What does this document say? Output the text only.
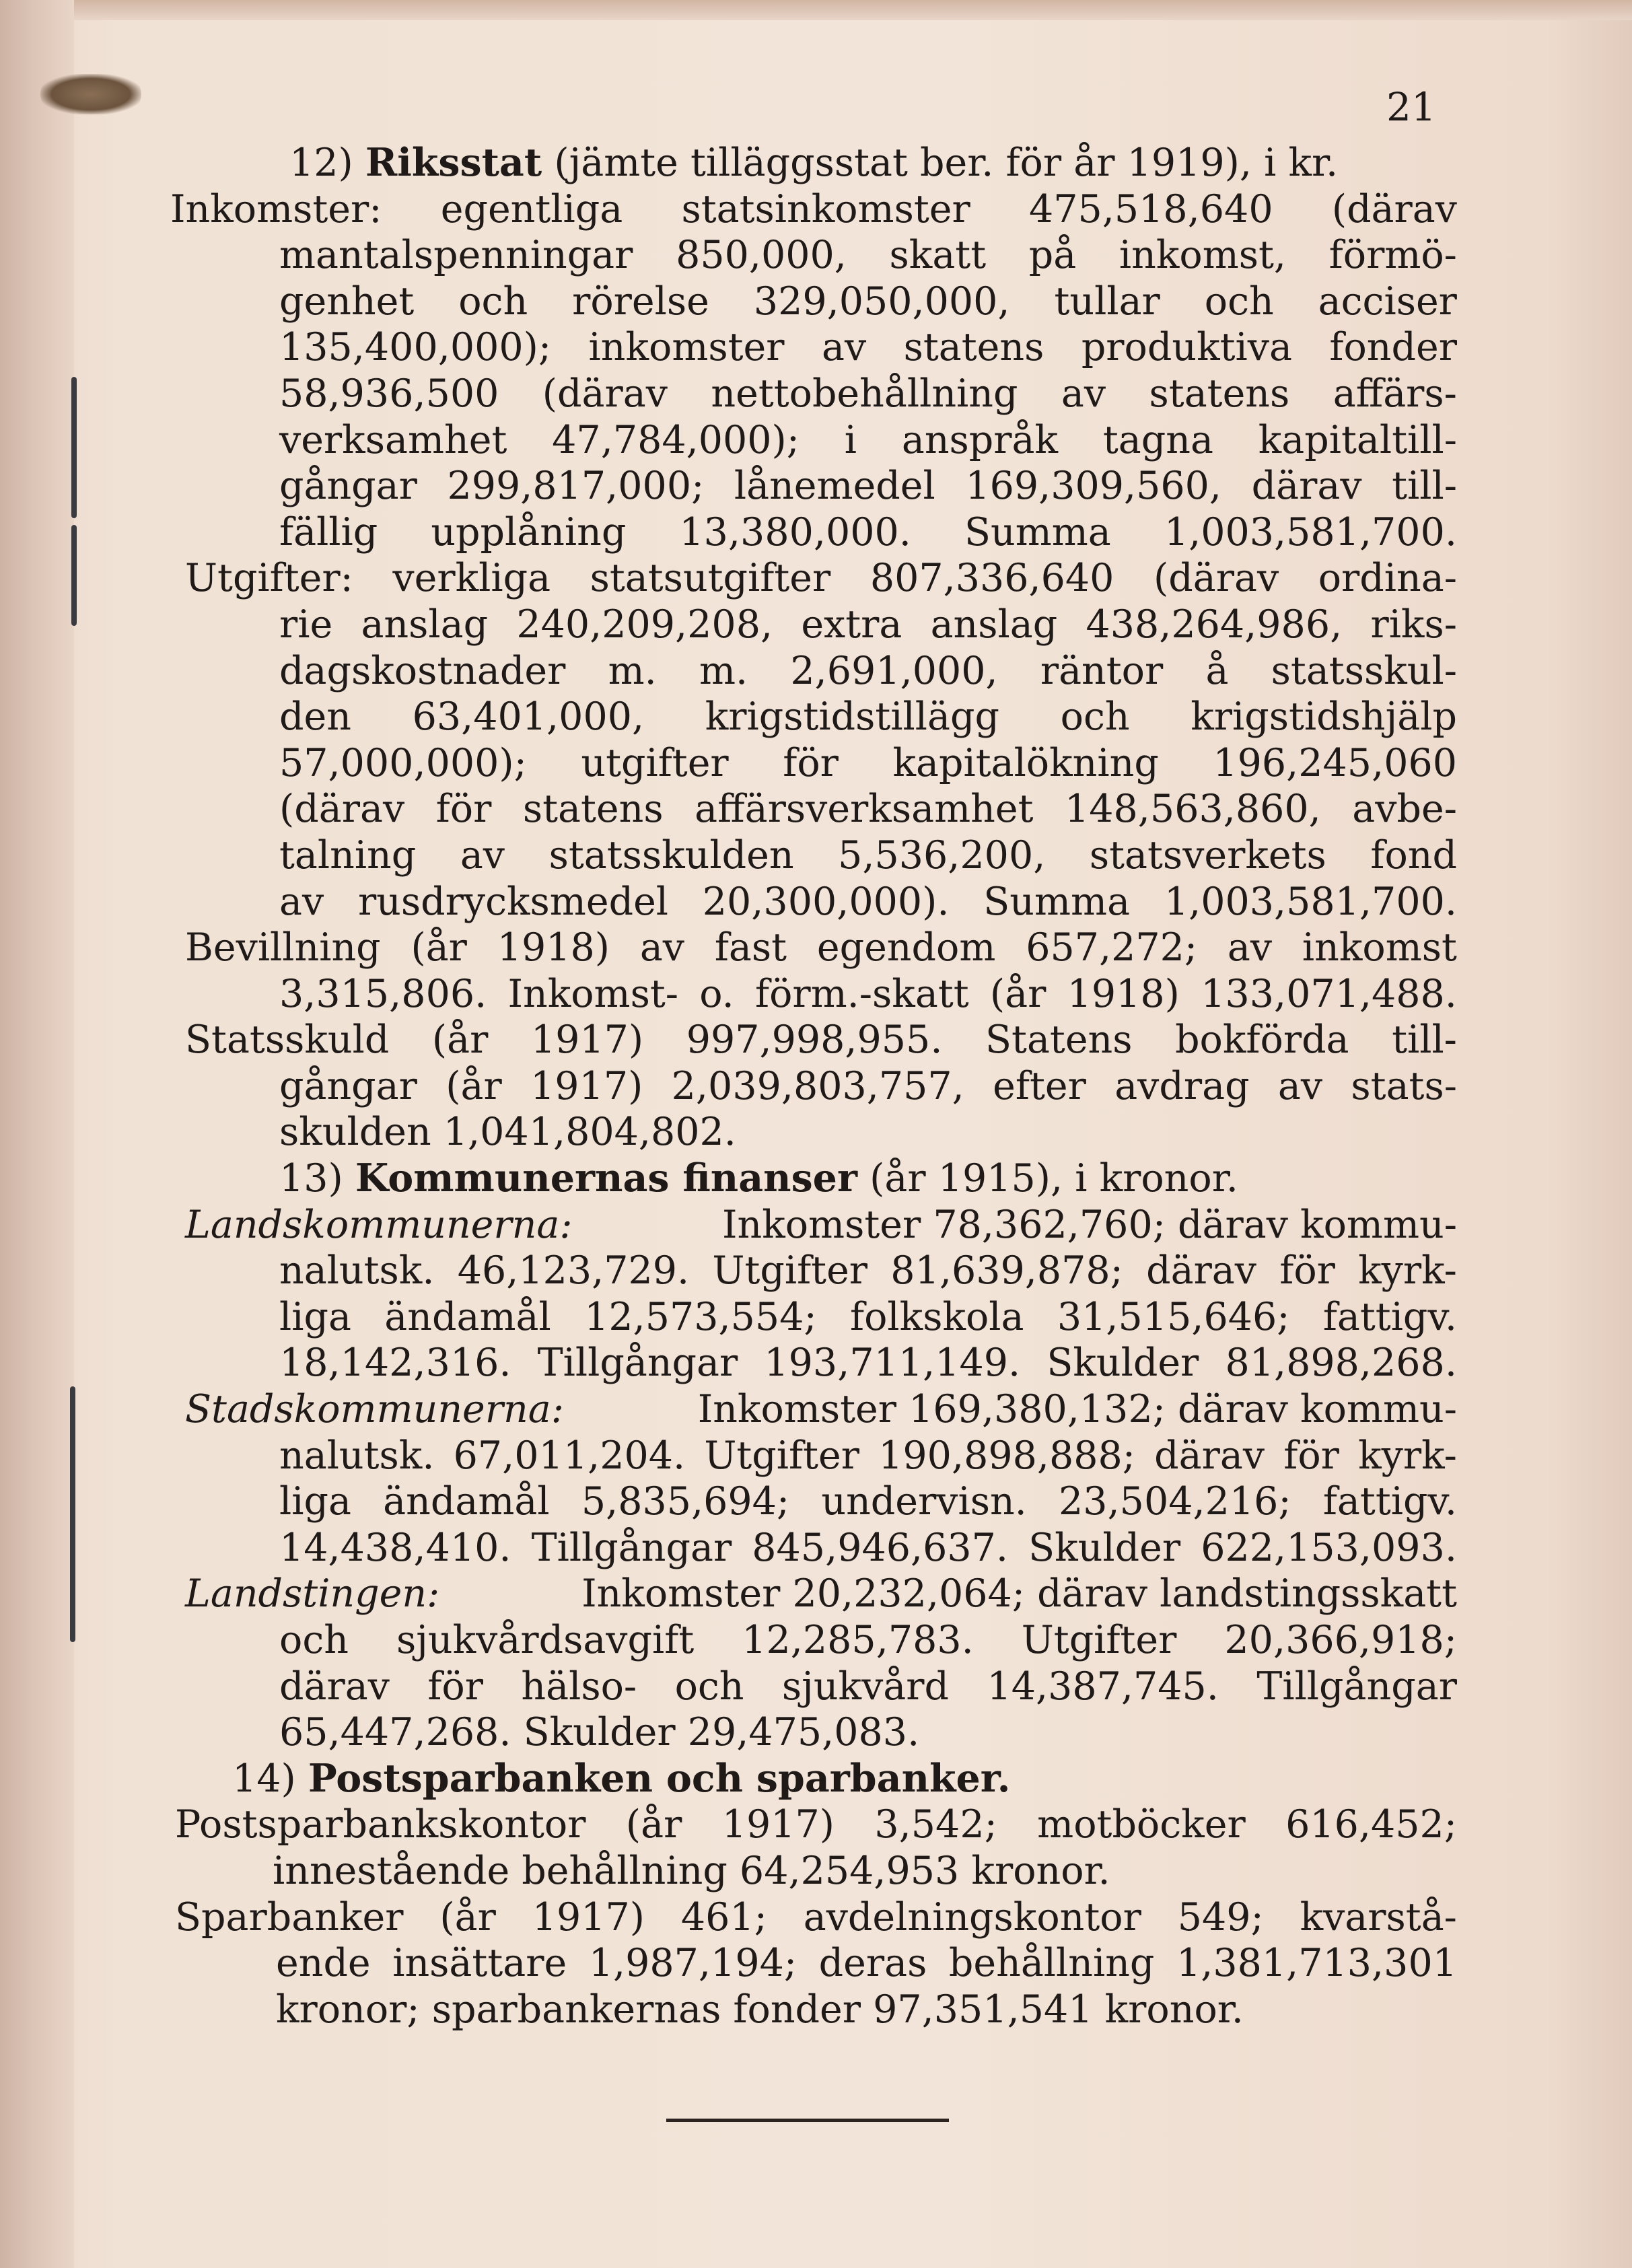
21
12)
Riksstat
(jämte tilläggsstat ber. för år 1919), i kr.
Inkomster: egentliga statsinkomster 475,518,640 (därav
mantalspenningar 850,000, skatt på inkomst, förmö-
genhet och rörelse 329,050,000, tullar och acciser
135,400,000); inkomster av statens produktiva fonder
58,936,500 (därav nettobehållning av statens affärs-
verksamhet 47,784,000); i anspråk tagna kapitaltill-
gångar 299,817,000; lånemedel 169,309,560, därav till-
fällig upplåning 13,380,000. Summa 1,003,581,700.
Utgifter: verkliga statsutgifter 807,336,640 (därav ordina-
rie anslag 240,209,208, extra anslag 438,264,986, riks-
dagskostnader m. m. 2,691,000, räntor å statsskul-
den 63,401,000, krigstidstillägg och krigstidshjälp
57,000,000); utgifter för kapitalökning 196,245,060
(därav för statens affärsverksamhet 148,563,860, avbe-
talning av statsskulden 5,536,200, statsverkets fond
av rusdrycksmedel 20,300,000). Summa 1,003,581,700.
Bevillning (år 1918) av fast egendom 657,272; av inkomst
3,315,806. Inkomst- o. förm.-skatt (år 1918) 133,071,488.
Statsskuld (år 1917) 997,998,955. Statens bokförda till-
gångar (år 1917) 2,039,803,757, efter avdrag av stats-
skulden 1,041,804,802.
13)
Kommunernas finanser
(år 1915), i kronor.
Landskommunerna:	Inkomster 78,362,760; därav kommu-
nalutsk. 46,123,729. Utgifter 81,639,878; därav för kyrk-
liga ändamål 12,573,554; folkskola 31,515,646; fattigv.
18,142,316. Tillgångar 193,711,149. Skulder 81,898,268.
Stadskommunerna:	Inkomster 169,380,132; därav kommu-
nalutsk. 67,011,204. Utgifter 190,898,888; därav för kyrk-
liga ändamål 5,835,694; undervisn. 23,504,216; fattigv.
14,438,410. Tillgångar 845,946,637. Skulder 622,153,093.
Landstingen:	Inkomster 20,232,064; därav landstingsskatt
och sjukvårdsavgift 12,285,783. Utgifter 20,366,918;
därav för hälso- och sjukvård 14,387,745. Tillgångar
65,447,268. Skulder 29,475,083.
14)
Postsparbanken och sparbanker.
Postsparbankskontor (år 1917) 3,542; motböcker 616,452;
innestående behållning 64,254,953 kronor.
Sparbanker (år 1917) 461; avdelningskontor 549; kvarstå-
ende insättare 1,987,194; deras behållning 1,381,713,301
kronor; sparbankernas fonder 97,351,541 kronor.
